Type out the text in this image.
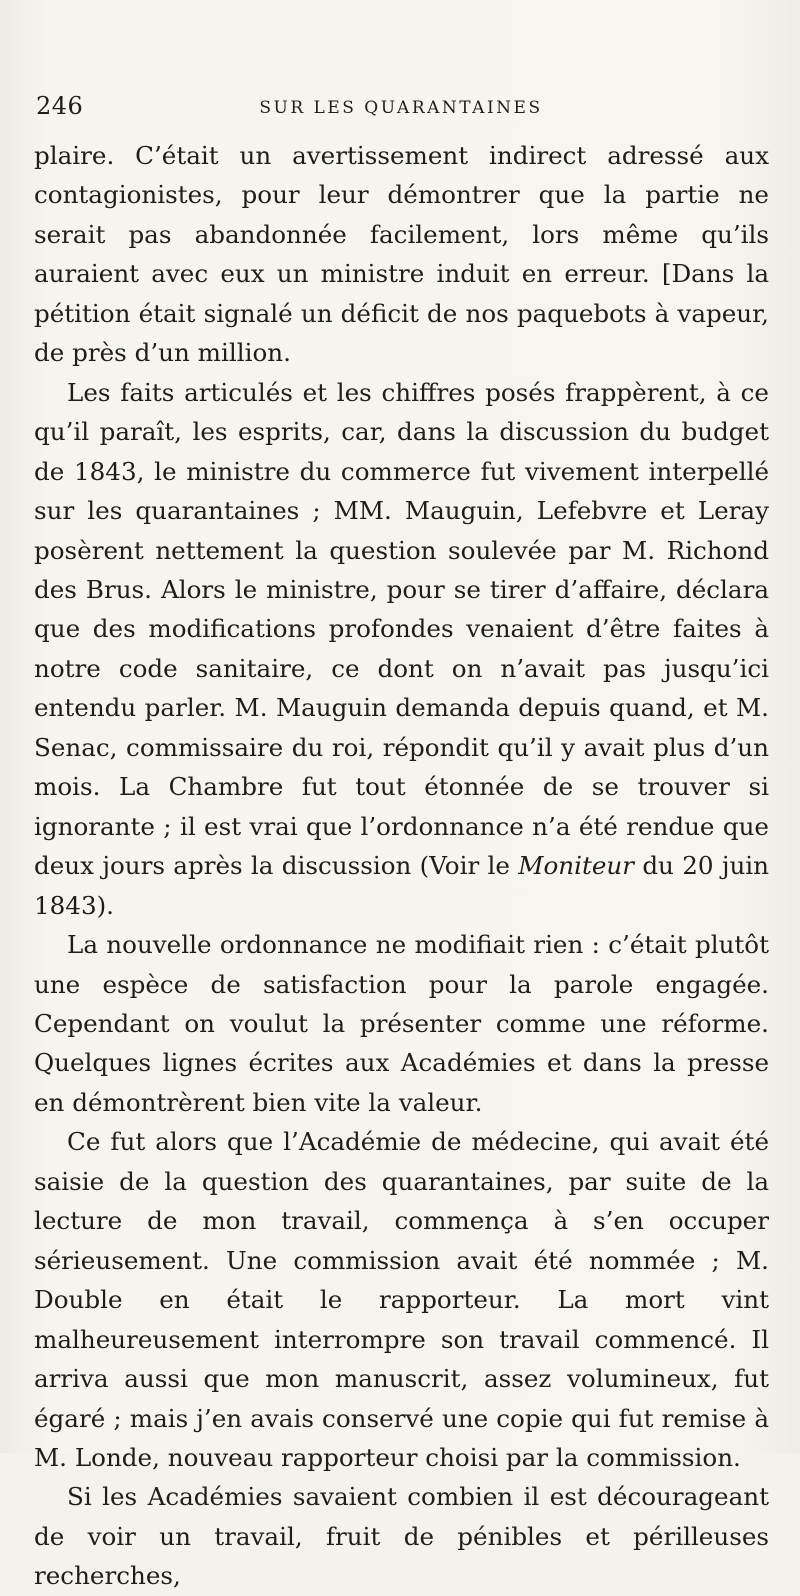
246	SUR LES QUARANTAINES

plaire. C’était un avertissement indirect adressé aux contagionistes, pour leur démontrer que la partie ne serait pas abandonnée facilement, lors même qu’ils auraient avec eux un ministre induit en erreur. [Dans la pétition était signalé un déficit de nos paquebots à vapeur, de près d’un million.

Les faits articulés et les chiffres posés frappèrent, à ce qu’il paraît, les esprits, car, dans la discussion du budget de 1843, le ministre du commerce fut vivement interpellé sur les quarantaines ; MM. Mauguin, Lefebvre et Leray posèrent nettement la question soulevée par M. Richond des Brus. Alors le ministre, pour se tirer d’affaire, déclara que des modifications profondes venaient d’être faites à notre code sanitaire, ce dont on n’avait pas jusqu’ici entendu parler. M. Mauguin demanda depuis quand, et M. Senac, commissaire du roi, répondit qu’il y avait plus d’un mois. La Chambre fut tout étonnée de se trouver si ignorante ; il est vrai que l’ordonnance n’a été rendue que deux jours après la discussion (Voir le Moniteur du 20 juin 1843).

La nouvelle ordonnance ne modifiait rien : c’était plutôt une espèce de satisfaction pour la parole engagée. Cependant on voulut la présenter comme une réforme. Quelques lignes écrites aux Académies et dans la presse en démontrèrent bien vite la valeur.

Ce fut alors que l’Académie de médecine, qui avait été saisie de la question des quarantaines, par suite de la lecture de mon travail, commença à s’en occuper sérieusement. Une commission avait été nommée ; M. Double en était le rapporteur. La mort vint malheureusement interrompre son travail commencé. Il arriva aussi que mon manuscrit, assez volumineux, fut égaré ; mais j’en avais conservé une copie qui fut remise à M. Londe, nouveau rapporteur choisi par la commission.

Si les Académies savaient combien il est décourageant de voir un travail, fruit de pénibles et périlleuses recherches,
